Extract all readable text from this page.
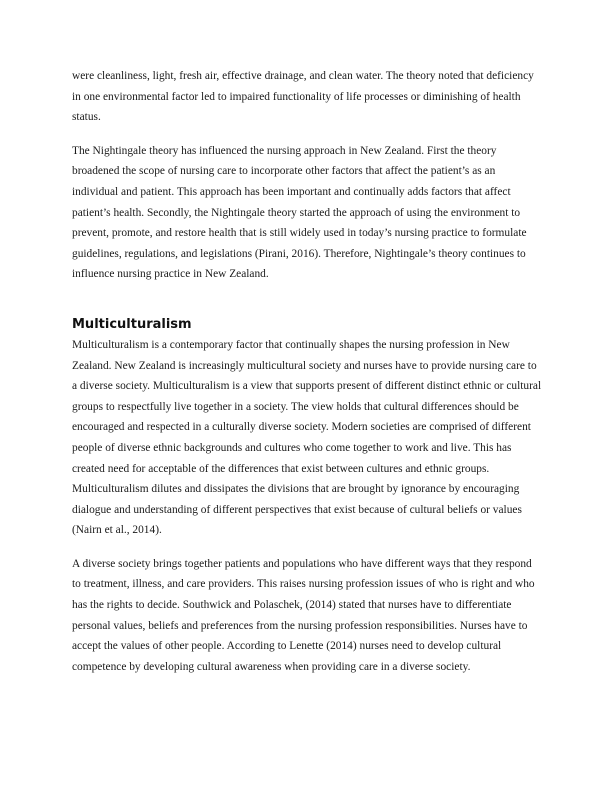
were cleanliness, light, fresh air, effective drainage, and clean water. The theory noted that deficiency in one environmental factor led to impaired functionality of life processes or diminishing of health status.

The Nightingale theory has influenced the nursing approach in New Zealand. First the theory broadened the scope of nursing care to incorporate other factors that affect the patient’s as an individual and patient. This approach has been important and continually adds factors that affect patient’s health. Secondly, the Nightingale theory started the approach of using the environment to prevent, promote, and restore health that is still widely used in today’s nursing practice to formulate guidelines, regulations, and legislations (Pirani, 2016). Therefore, Nightingale’s theory continues to influence nursing practice in New Zealand.

Multiculturalism

Multiculturalism is a contemporary factor that continually shapes the nursing profession in New Zealand. New Zealand is increasingly multicultural society and nurses have to provide nursing care to a diverse society. Multiculturalism is a view that supports present of different distinct ethnic or cultural groups to respectfully live together in a society. The view holds that cultural differences should be encouraged and respected in a culturally diverse society. Modern societies are comprised of different people of diverse ethnic backgrounds and cultures who come together to work and live. This has created need for acceptable of the differences that exist between cultures and ethnic groups. Multiculturalism dilutes and dissipates the divisions that are brought by ignorance by encouraging dialogue and understanding of different perspectives that exist because of cultural beliefs or values (Nairn et al., 2014).

A diverse society brings together patients and populations who have different ways that they respond to treatment, illness, and care providers. This raises nursing profession issues of who is right and who has the rights to decide. Southwick and Polaschek, (2014) stated that nurses have to differentiate personal values, beliefs and preferences from the nursing profession responsibilities. Nurses have to accept the values of other people. According to Lenette (2014) nurses need to develop cultural competence by developing cultural awareness when providing care in a diverse society.
